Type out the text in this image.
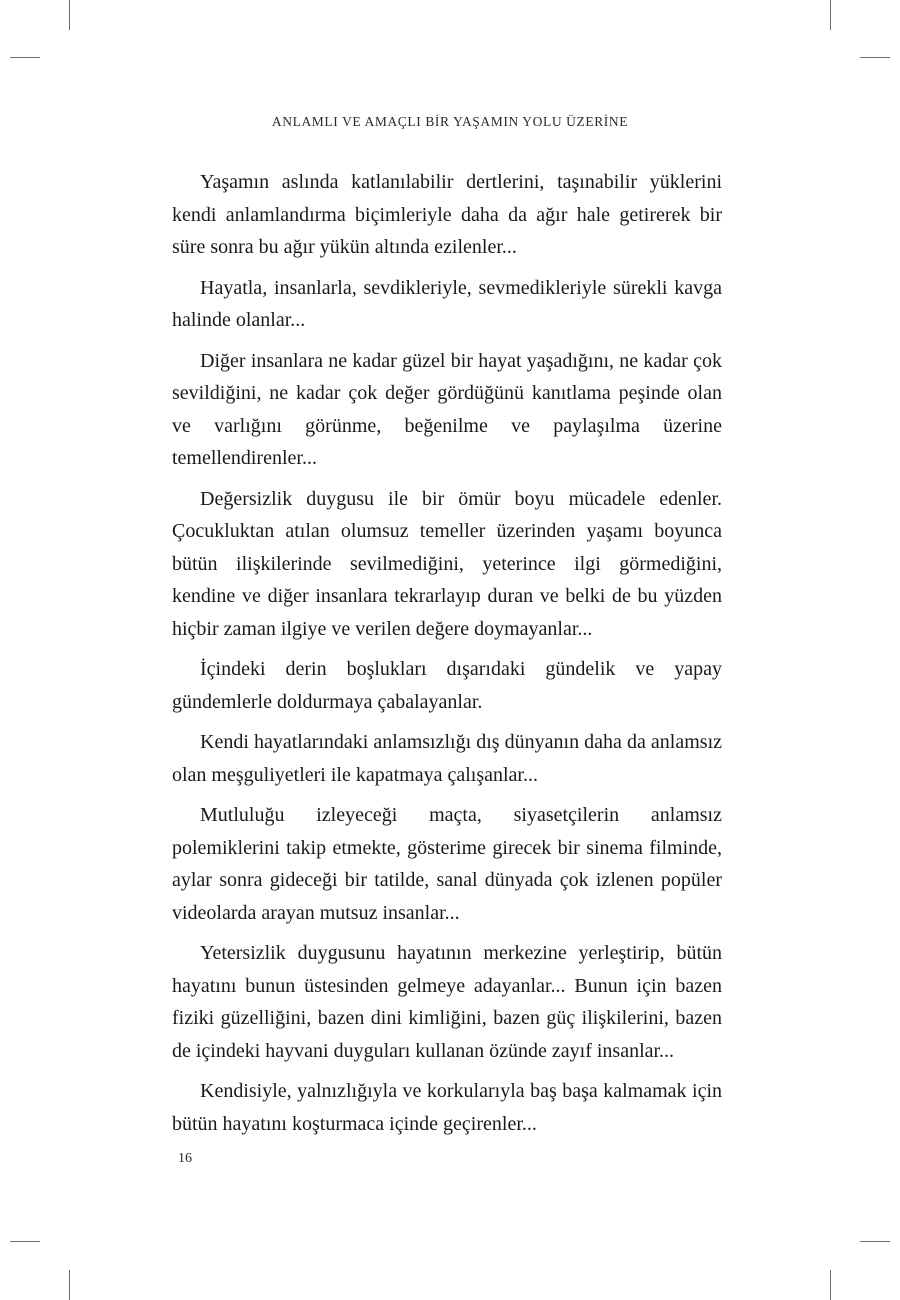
ANLAMLI VE AMAÇLI BİR YAŞAMIN YOLU ÜZERİNE

Yaşamın aslında katlanılabilir dertlerini, taşınabilir yüklerini kendi anlamlandırma biçimleriyle daha da ağır hale getirerek bir süre sonra bu ağır yükün altında ezilenler...

Hayatla, insanlarla, sevdikleriyle, sevmedikleriyle sürekli kavga halinde olanlar...

Diğer insanlara ne kadar güzel bir hayat yaşadığını, ne kadar çok sevildiğini, ne kadar çok değer gördüğünü kanıtlama peşinde olan ve varlığını görünme, beğenilme ve paylaşılma üzerine temellendirenler...

Değersizlik duygusu ile bir ömür boyu mücadele edenler. Çocukluktan atılan olumsuz temeller üzerinden yaşamı boyunca bütün ilişkilerinde sevilmediğini, yeterince ilgi görmediğini, kendine ve diğer insanlara tekrarlayıp duran ve belki de bu yüzden hiçbir zaman ilgiye ve verilen değere doymayanlar...

İçindeki derin boşlukları dışarıdaki gündelik ve yapay gündemlerle doldurmaya çabalayanlar.

Kendi hayatlarındaki anlamsızlığı dış dünyanın daha da anlamsız olan meşguliyetleri ile kapatmaya çalışanlar...

Mutluluğu izleyeceği maçta, siyasetçilerin anlamsız polemiklerini takip etmekte, gösterime girecek bir sinema filminde, aylar sonra gideceği bir tatilde, sanal dünyada çok izlenen popüler videolarda arayan mutsuz insanlar...

Yetersizlik duygusunu hayatının merkezine yerleştirip, bütün hayatını bunun üstesinden gelmeye adayanlar... Bunun için bazen fiziki güzelliğini, bazen dini kimliğini, bazen güç ilişkilerini, bazen de içindeki hayvani duyguları kullanan özünde zayıf insanlar...

Kendisiyle, yalnızlığıyla ve korkularıyla baş başa kalmamak için bütün hayatını koşturmaca içinde geçirenler...

16
